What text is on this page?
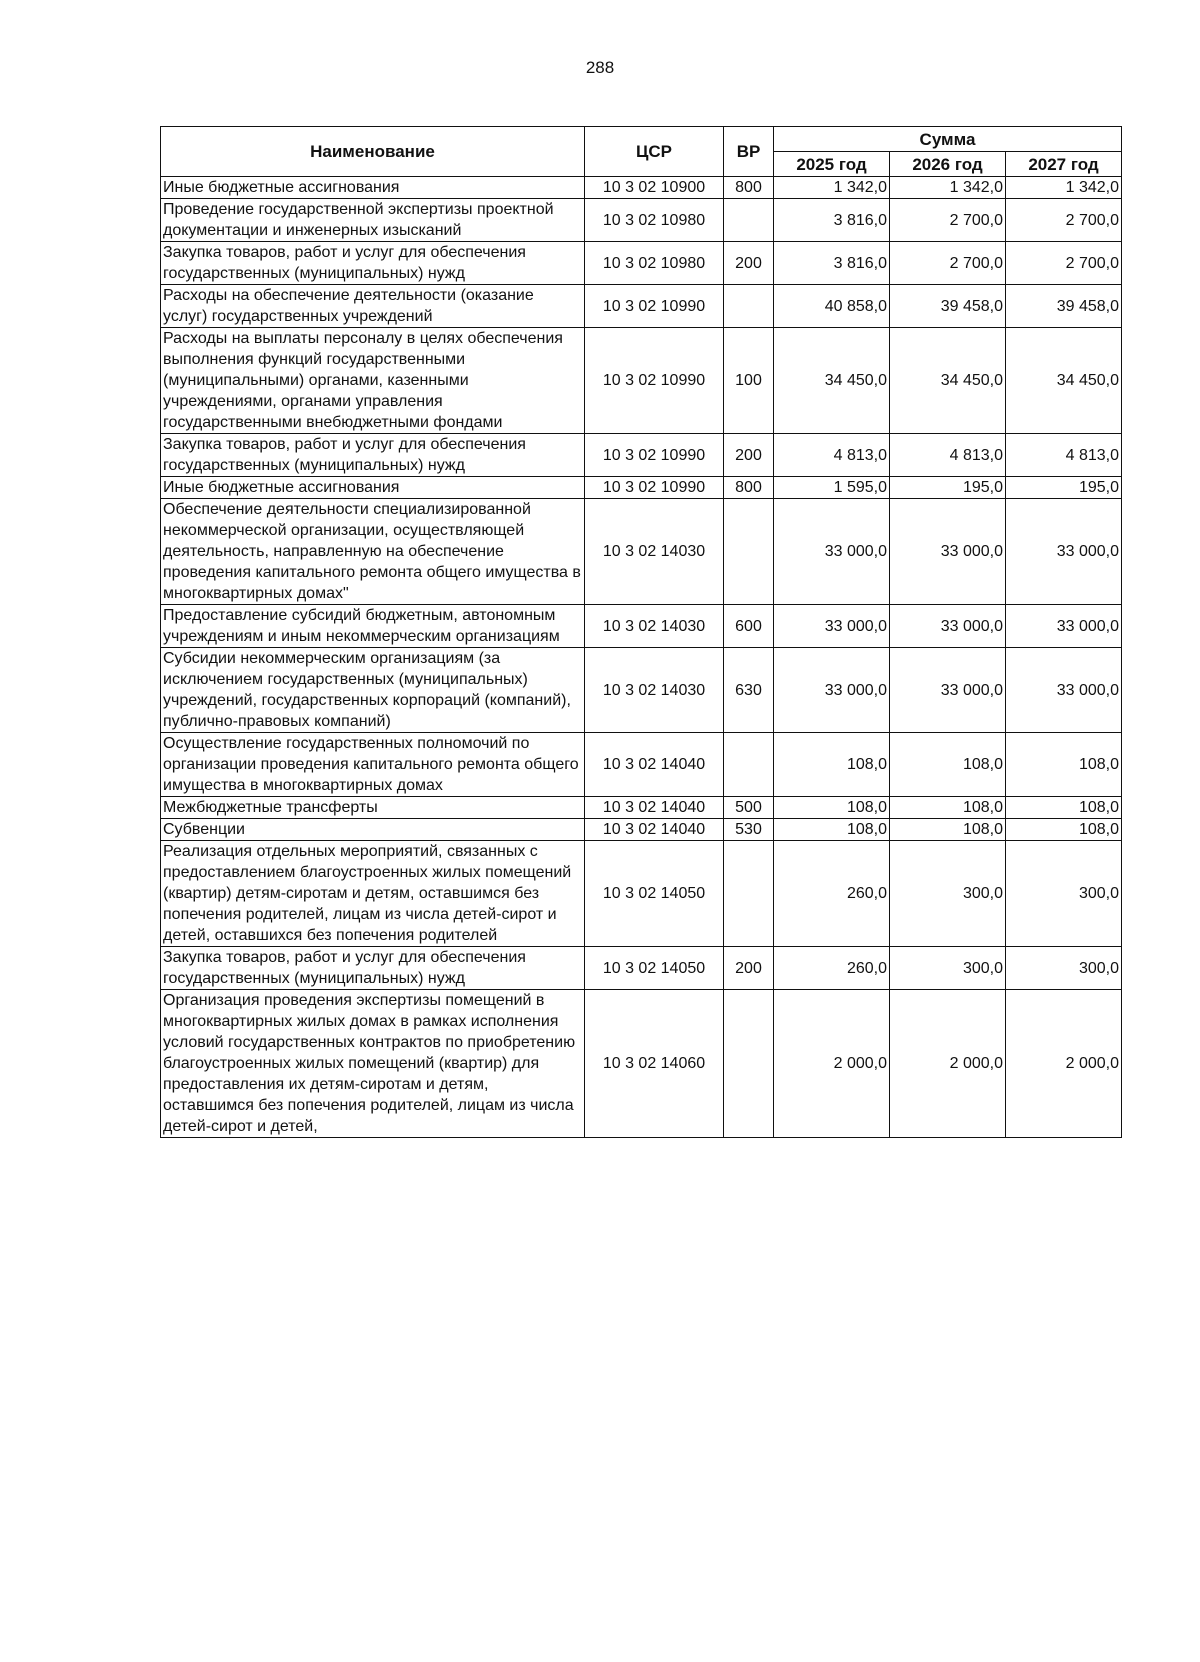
288
Наименование	ЦСР	ВР	Сумма		
			2025 год	2026 год	2027 год
Иные бюджетные ассигнования	10 3 02 10900	800	1 342,0	1 342,0	1 342,0
Проведение государственной экспертизы проектной документации и инженерных изысканий	10 3 02 10980		3 816,0	2 700,0	2 700,0
Закупка товаров, работ и услуг для обеспечения государственных (муниципальных) нужд	10 3 02 10980	200	3 816,0	2 700,0	2 700,0
Расходы на обеспечение деятельности (оказание услуг) государственных учреждений	10 3 02 10990		40 858,0	39 458,0	39 458,0
Расходы на выплаты персоналу в целях обеспечения выполнения функций государственными (муниципальными) органами, казенными учреждениями, органами управления государственными внебюджетными фондами	10 3 02 10990	100	34 450,0	34 450,0	34 450,0
Закупка товаров, работ и услуг для обеспечения государственных (муниципальных) нужд	10 3 02 10990	200	4 813,0	4 813,0	4 813,0
Иные бюджетные ассигнования	10 3 02 10990	800	1 595,0	195,0	195,0
Обеспечение деятельности специализированной некоммерческой организации, осуществляющей деятельность, направленную на обеспечение проведения капитального ремонта общего имущества в многоквартирных домах"	10 3 02 14030		33 000,0	33 000,0	33 000,0
Предоставление субсидий бюджетным, автономным учреждениям и иным некоммерческим организациям	10 3 02 14030	600	33 000,0	33 000,0	33 000,0
Субсидии некоммерческим организациям (за исключением государственных (муниципальных) учреждений, государственных корпораций (компаний), публично-правовых компаний)	10 3 02 14030	630	33 000,0	33 000,0	33 000,0
Осуществление государственных полномочий по организации проведения капитального ремонта общего имущества в многоквартирных домах	10 3 02 14040		108,0	108,0	108,0
Межбюджетные трансферты	10 3 02 14040	500	108,0	108,0	108,0
Субвенции	10 3 02 14040	530	108,0	108,0	108,0
Реализация отдельных мероприятий, связанных с предоставлением благоустроенных жилых помещений (квартир) детям-сиротам и детям, оставшимся без попечения родителей, лицам из числа детей-сирот и детей, оставшихся без попечения родителей	10 3 02 14050		260,0	300,0	300,0
Закупка товаров, работ и услуг для обеспечения государственных (муниципальных) нужд	10 3 02 14050	200	260,0	300,0	300,0
Организация проведения экспертизы помещений в многоквартирных жилых домах в рамках исполнения условий государственных контрактов по приобретению благоустроенных жилых помещений (квартир) для предоставления их детям-сиротам и детям, оставшимся без попечения родителей, лицам из числа детей-сирот и детей,	10 3 02 14060		2 000,0	2 000,0	2 000,0
